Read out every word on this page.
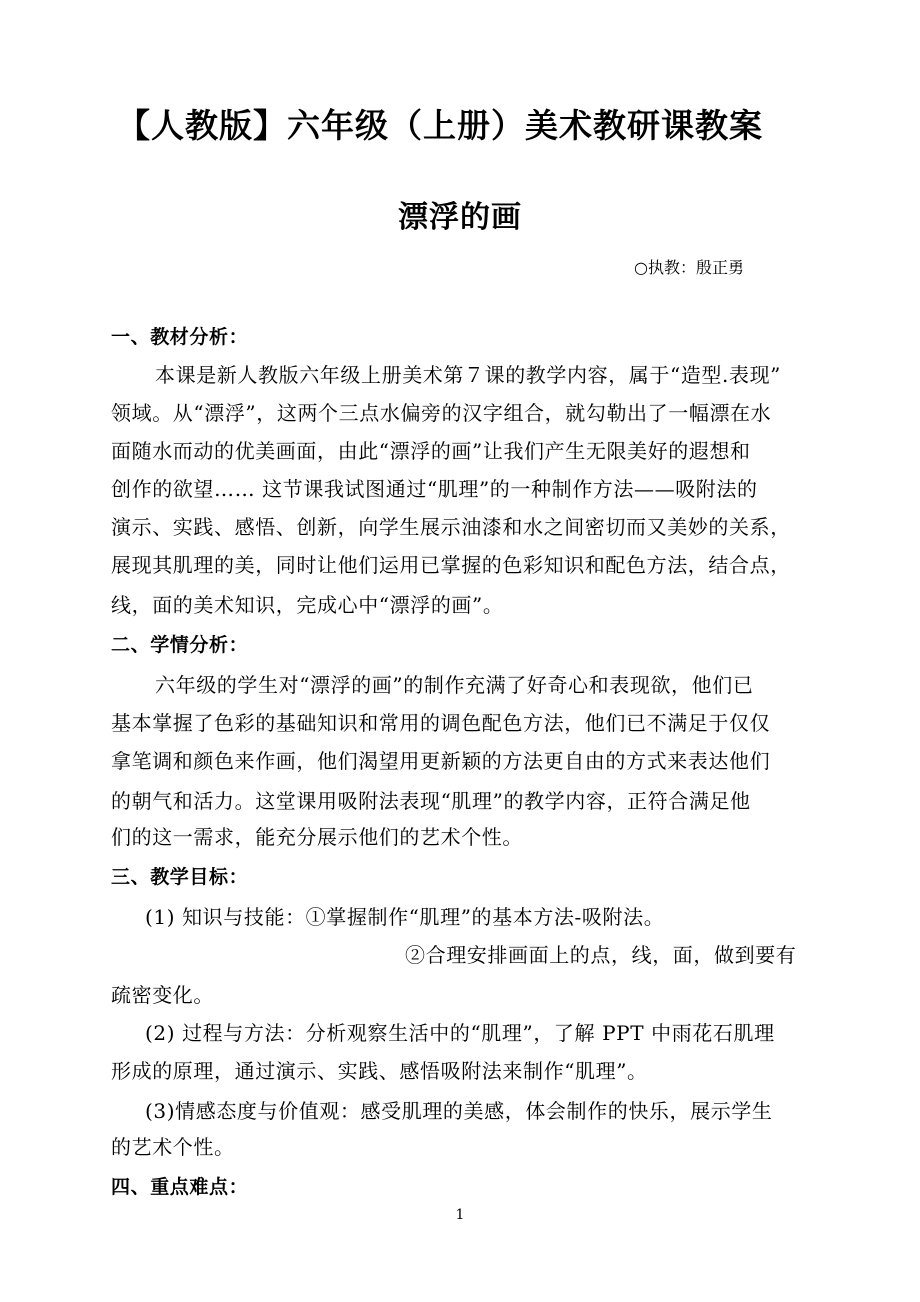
【人教版】六年级（上册）美术教研课教案
漂浮的画
○执教：殷正勇
一、教材分析：
本课是新人教版六年级上册美术第７课的教学内容，属于“造型.表现”
领域。从“漂浮”，这两个三点水偏旁的汉字组合，就勾勒出了一幅漂在水
面随水而动的优美画面，由此“漂浮的画”让我们产生无限美好的遐想和
创作的欲望…… 这节课我试图通过“肌理”的一种制作方法——吸附法的
演示、实践、感悟、创新，向学生展示油漆和水之间密切而又美妙的关系，
展现其肌理的美，同时让他们运用已掌握的色彩知识和配色方法，结合点，
线，面的美术知识，完成心中“漂浮的画”。
二、学情分析：
六年级的学生对“漂浮的画”的制作充满了好奇心和表现欲，他们已
基本掌握了色彩的基础知识和常用的调色配色方法，他们已不满足于仅仅
拿笔调和颜色来作画，他们渴望用更新颖的方法更自由的方式来表达他们
的朝气和活力。这堂课用吸附法表现“肌理”的教学内容，正符合满足他
们的这一需求，能充分展示他们的艺术个性。
三、教学目标：
(1) 知识与技能：①掌握制作“肌理”的基本方法-吸附法。
②合理安排画面上的点，线，面，做到要有
疏密变化。
(2) 过程与方法：分析观察生活中的“肌理”，了解 PPT 中雨花石肌理
形成的原理，通过演示、实践、感悟吸附法来制作“肌理”。
(3)情感态度与价值观：感受肌理的美感，体会制作的快乐，展示学生
的艺术个性。
四、重点难点：
1
